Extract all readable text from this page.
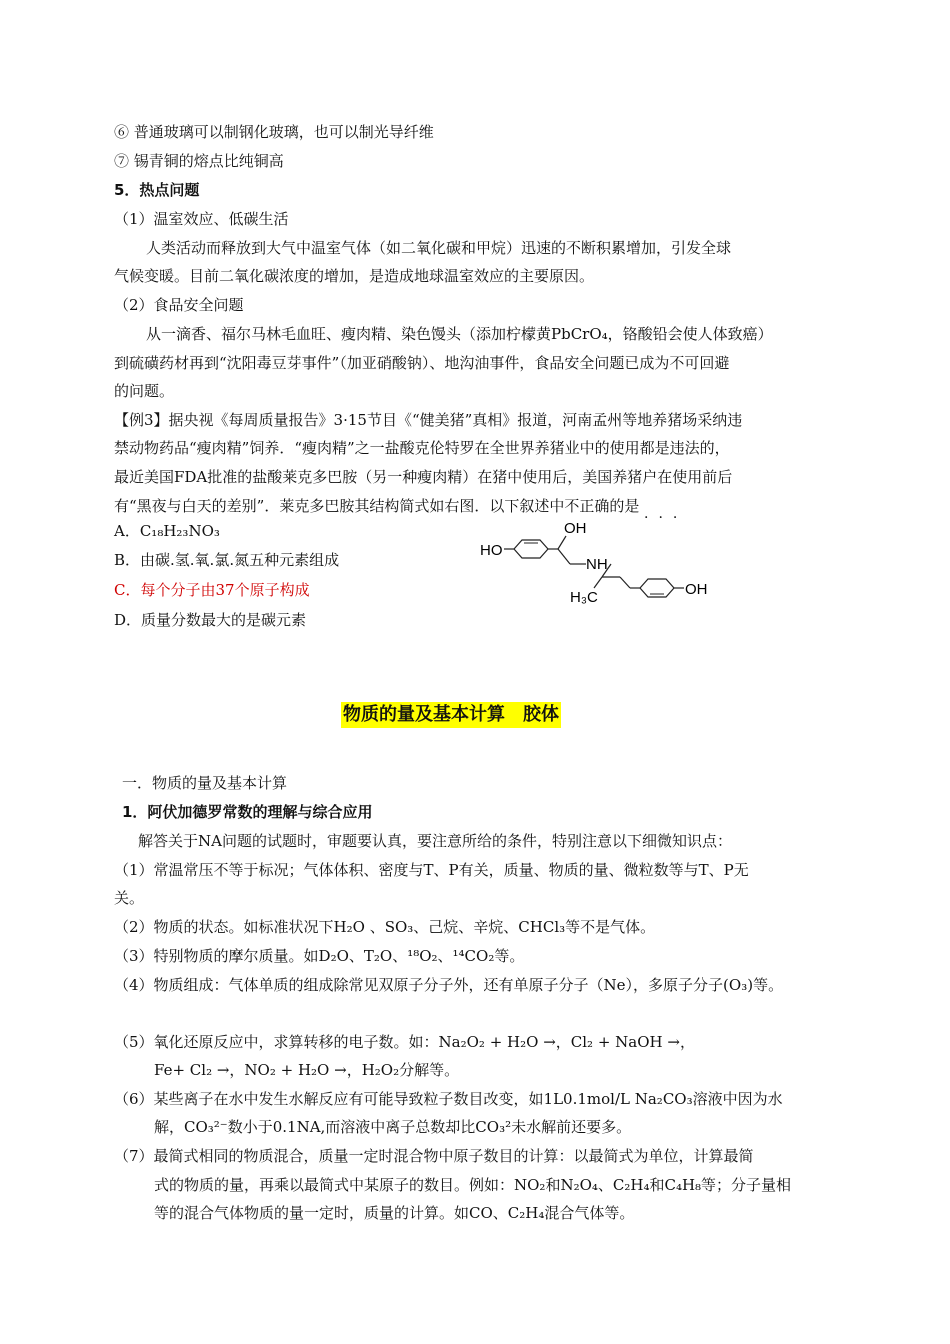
⑥ 普通玻璃可以制钢化玻璃，也可以制光导纤维
⑦ 锡青铜的熔点比纯铜高
5．热点问题
（1）温室效应、低碳生活
人类活动而释放到大气中温室气体（如二氧化碳和甲烷）迅速的不断积累增加，引发全球
气候变暖。目前二氧化碳浓度的增加，是造成地球温室效应的主要原因。
（2）食品安全问题
从一滴香、福尔马林毛血旺、瘦肉精、染色馒头（添加柠檬黄PbCrO₄，铬酸铅会使人体致癌）
到硫磺药材再到“沈阳毒豆芽事件”（加亚硝酸钠）、地沟油事件，食品安全问题已成为不可回避
的问题。
【例3】据央视《每周质量报告》3·15节目《“健美猪”真相》报道，河南孟州等地养猪场采纳违
禁动物药品“瘦肉精”饲养．“瘦肉精”之一盐酸克伦特罗在全世界养猪业中的使用都是违法的，
最近美国FDA批准的盐酸莱克多巴胺（另一种瘦肉精）在猪中使用后，美国养猪户在使用前后
有“黑夜与白天的差别”．莱克多巴胺其结构简式如右图．以下叙述中不正确的是
···
A．C₁₈H₂₃NO₃
B．由碳.氢.氧.氯.氮五种元素组成
C．每个分子由37个原子构成
D．质量分数最大的是碳元素
HO
OH
NH
H₃C	OH
物质的量及基本计算　胶体
一．物质的量及基本计算
1．阿伏加德罗常数的理解与综合应用
解答关于NA问题的试题时，审题要认真，要注意所给的条件，特别注意以下细微知识点：
（1）常温常压不等于标况；气体体积、密度与T、P有关，质量、物质的量、微粒数等与T、P无
关。
（2）物质的状态。如标准状况下H₂O 、SO₃、己烷、辛烷、CHCl₃等不是气体。
（3）特别物质的摩尔质量。如D₂O、T₂O、¹⁸O₂、¹⁴CO₂等。
（4）物质组成：气体单质的组成除常见双原子分子外，还有单原子分子（Ne），多原子分子(O₃)等。
（5）氧化还原反应中，求算转移的电子数。如：Na₂O₂ + H₂O →，Cl₂ + NaOH →，
Fe+ Cl₂ →，NO₂ + H₂O →，H₂O₂分解等。
（6）某些离子在水中发生水解反应有可能导致粒子数目改变，如1L0.1mol/L Na₂CO₃溶液中因为水
解，CO₃²⁻数小于0.1NA,而溶液中离子总数却比CO₃²未水解前还要多。
（7）最简式相同的物质混合，质量一定时混合物中原子数目的计算：以最简式为单位，计算最简
式的物质的量，再乘以最简式中某原子的数目。例如：NO₂和N₂O₄、C₂H₄和C₄H₈等；分子量相
等的混合气体物质的量一定时，质量的计算。如CO、C₂H₄混合气体等。
